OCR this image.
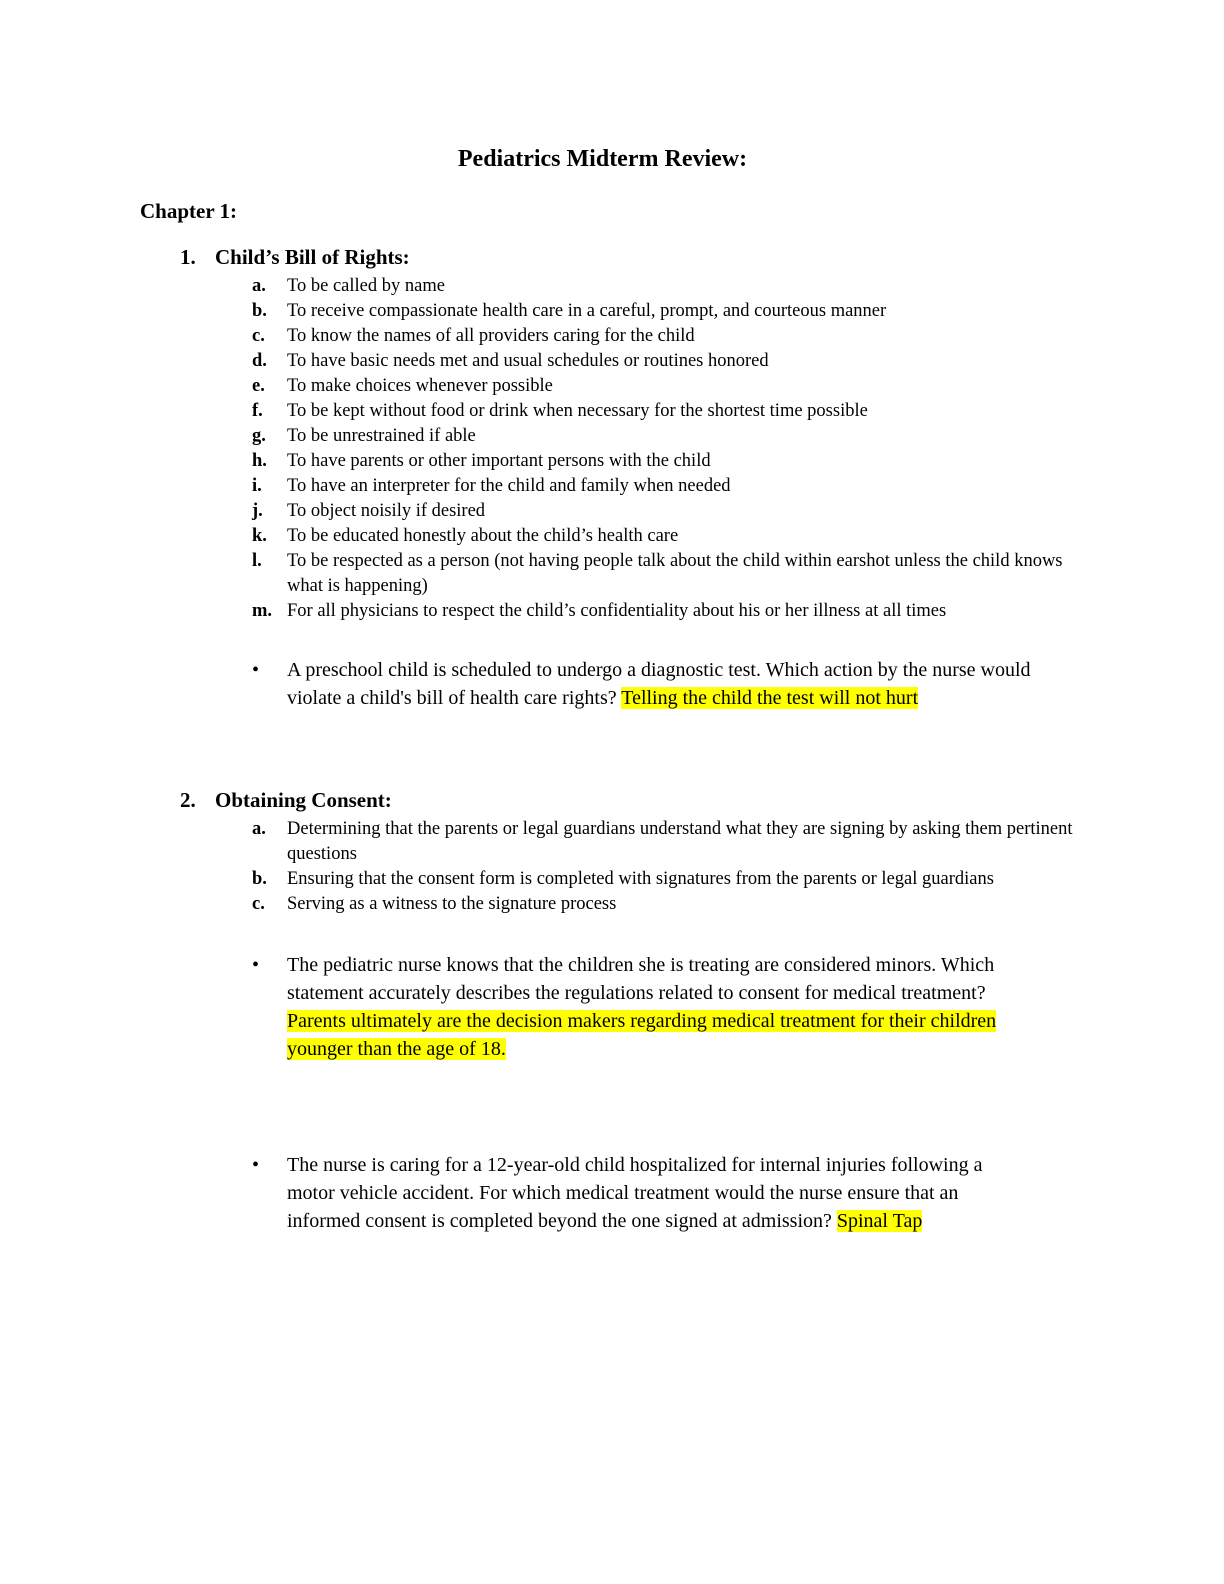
Pediatrics Midterm Review:
Chapter 1:
1. Child’s Bill of Rights:
a.	To be called by name
b.	To receive compassionate health care in a careful, prompt, and courteous manner
c.	To know the names of all providers caring for the child
d.	To have basic needs met and usual schedules or routines honored
e.	To make choices whenever possible
f.	To be kept without food or drink when necessary for the shortest time possible
g.	To be unrestrained if able
h.	To have parents or other important persons with the child
i.	To have an interpreter for the child and family when needed
j.	To object noisily if desired
k.	To be educated honestly about the child’s health care
l.	To be respected as a person (not having people talk about the child within earshot unless the child knows what is happening)
m. For all physicians to respect the child’s confidentiality about his or her illness at all times
•	A preschool child is scheduled to undergo a diagnostic test. Which action by the nurse would violate a child's bill of health care rights? Telling the child the test will not hurt
2. Obtaining Consent:
a.	Determining that the parents or legal guardians understand what they are signing by asking them pertinent questions
b.	Ensuring that the consent form is completed with signatures from the parents or legal guardians
c.	Serving as a witness to the signature process
•	The pediatric nurse knows that the children she is treating are considered minors. Which statement accurately describes the regulations related to consent for medical treatment? Parents ultimately are the decision makers regarding medical treatment for their children younger than the age of 18.
•	The nurse is caring for a 12-year-old child hospitalized for internal injuries following a motor vehicle accident. For which medical treatment would the nurse ensure that an informed consent is completed beyond the one signed at admission? Spinal Tap
